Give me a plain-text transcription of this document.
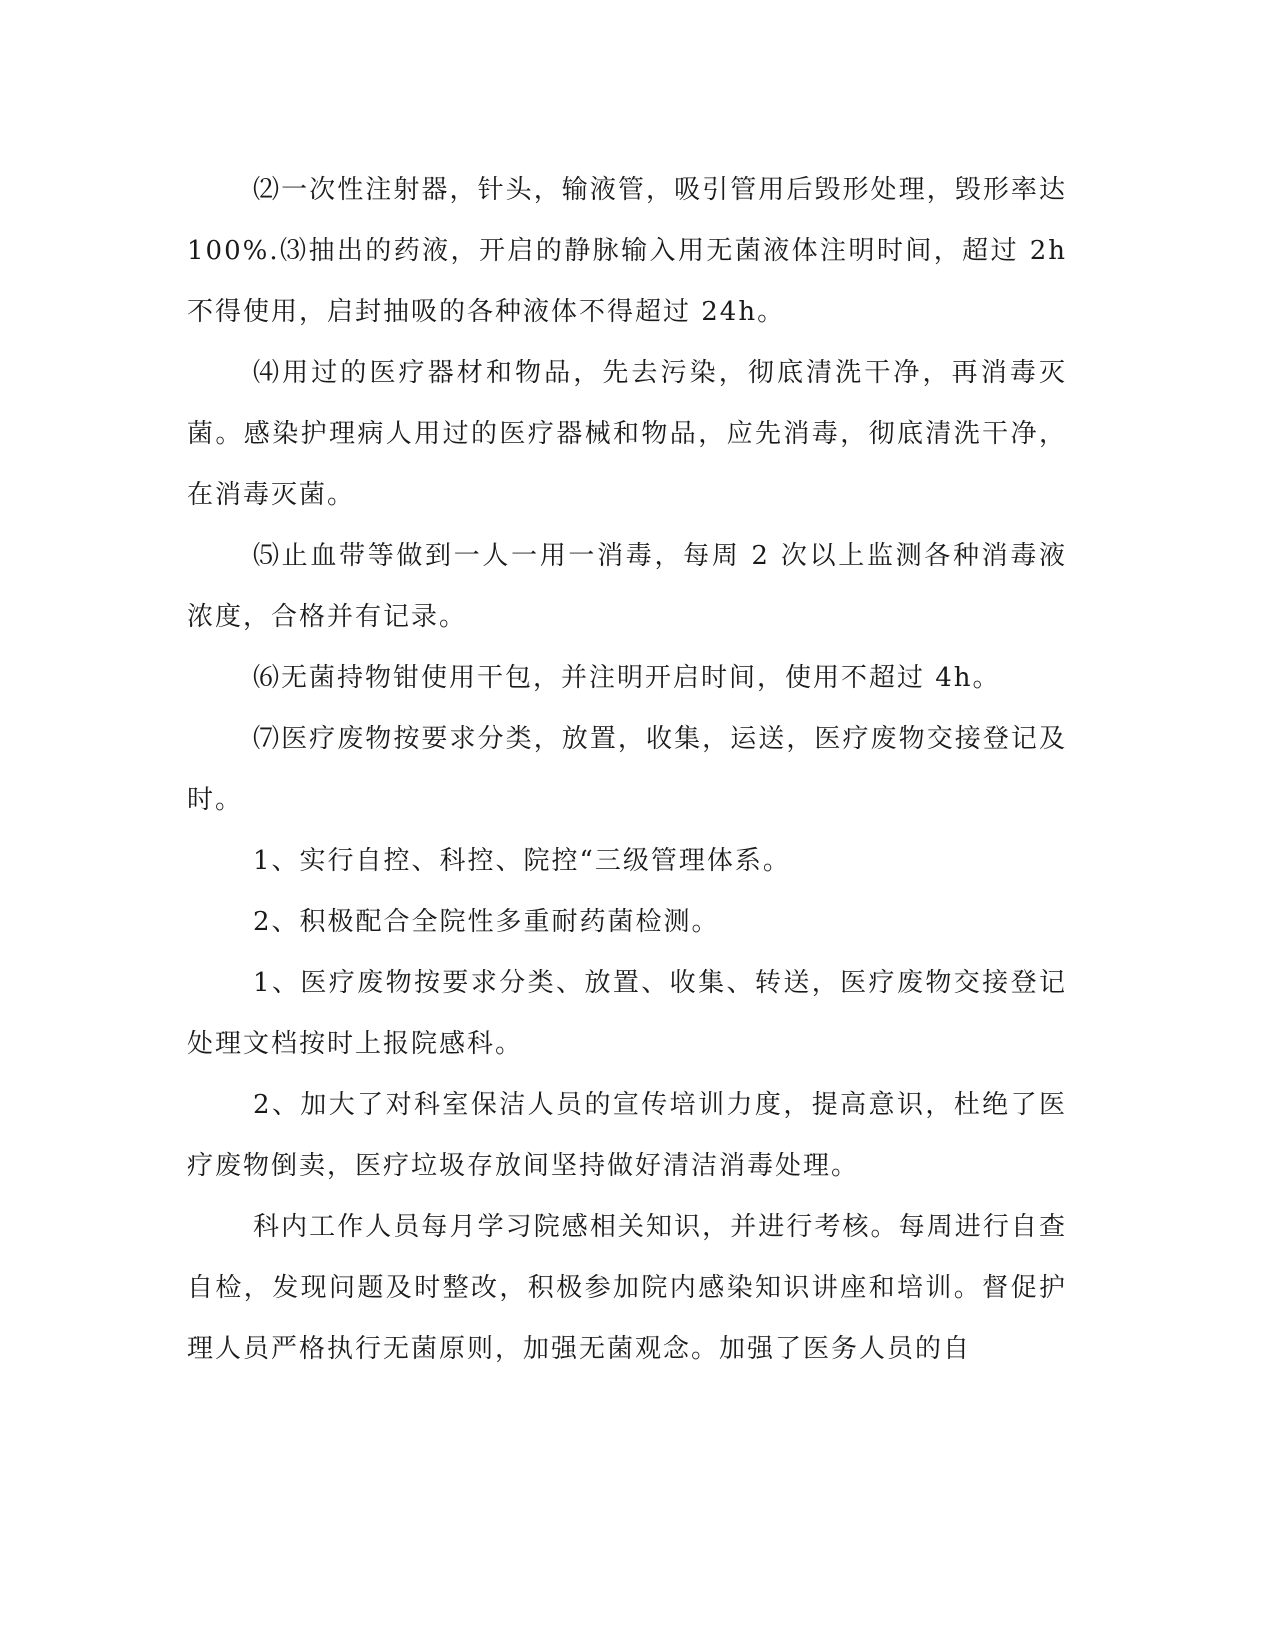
⑵一次性注射器，针头，输液管，吸引管用后毁形处理，毁形率达 100%.⑶抽出的药液，开启的静脉输入用无菌液体注明时间，超过 2h 不得使用，启封抽吸的各种液体不得超过 24h。

⑷用过的医疗器材和物品，先去污染，彻底清洗干净，再消毒灭菌。感染护理病人用过的医疗器械和物品，应先消毒，彻底清洗干净，在消毒灭菌。

⑸止血带等做到一人一用一消毒，每周 2 次以上监测各种消毒液浓度，合格并有记录。

⑹无菌持物钳使用干包，并注明开启时间，使用不超过 4h。

⑺医疗废物按要求分类，放置，收集，运送，医疗废物交接登记及时。

1、实行自控、科控、院控“三级管理体系。

2、积极配合全院性多重耐药菌检测。

1、医疗废物按要求分类、放置、收集、转送，医疗废物交接登记处理文档按时上报院感科。

2、加大了对科室保洁人员的宣传培训力度，提高意识，杜绝了医疗废物倒卖，医疗垃圾存放间坚持做好清洁消毒处理。

科内工作人员每月学习院感相关知识，并进行考核。每周进行自查自检，发现问题及时整改，积极参加院内感染知识讲座和培训。督促护理人员严格执行无菌原则，加强无菌观念。加强了医务人员的自
